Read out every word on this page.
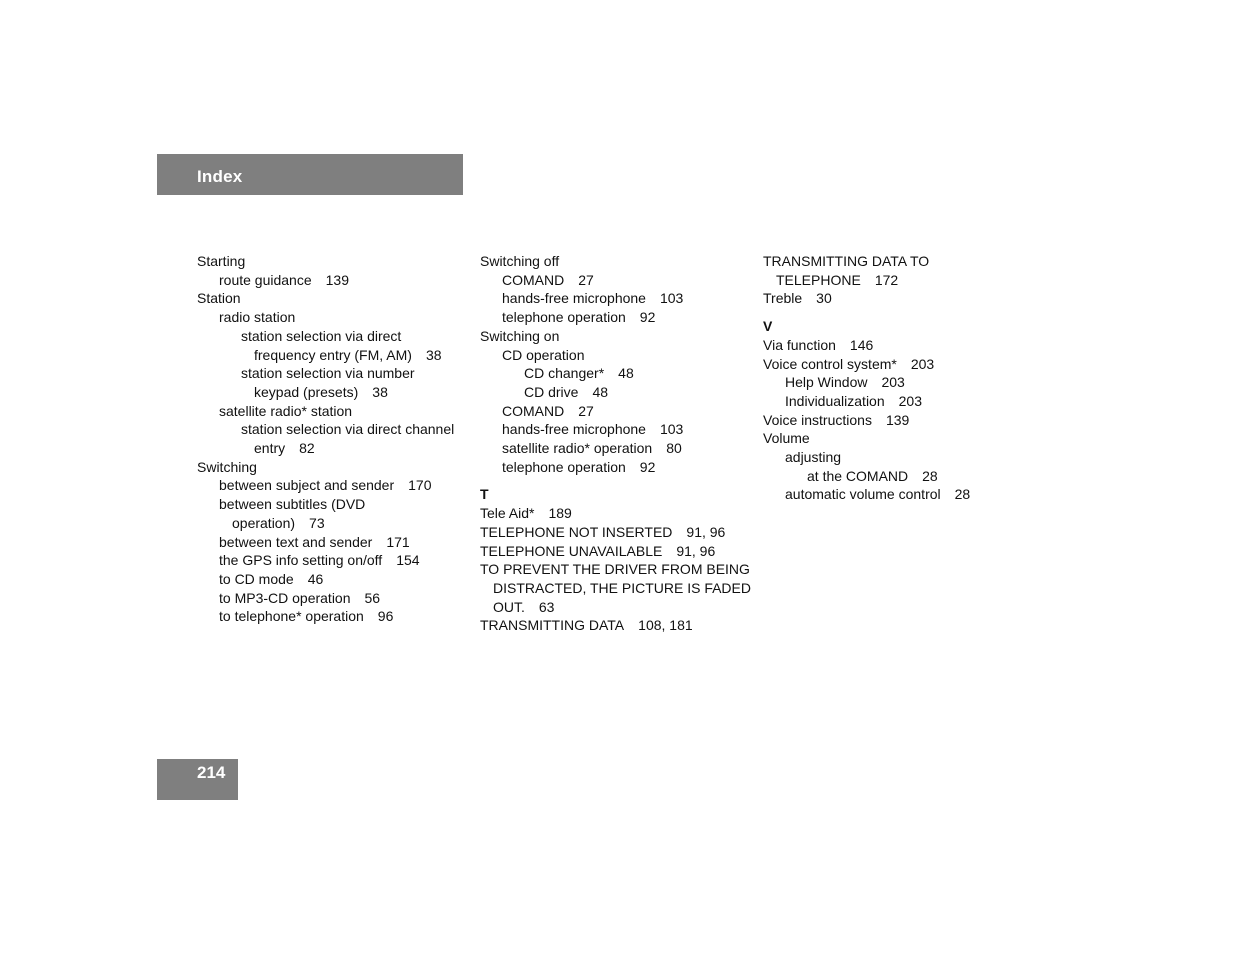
Index
Starting
route guidance 139
Station
radio station
station selection via direct
frequency entry (FM, AM) 38
station selection via number
keypad (presets) 38
satellite radio* station
station selection via direct channel
entry 82
Switching
between subject and sender 170
between subtitles (DVD
operation) 73
between text and sender 171
the GPS info setting on/off 154
to CD mode 46
to MP3-CD operation 56
to telephone* operation 96
Switching off
COMAND 27
hands-free microphone 103
telephone operation 92
Switching on
CD operation
CD changer* 48
CD drive 48
COMAND 27
hands-free microphone 103
satellite radio* operation 80
telephone operation 92
T
Tele Aid* 189
TELEPHONE NOT INSERTED 91, 96
TELEPHONE UNAVAILABLE 91, 96
TO PREVENT THE DRIVER FROM BEING
DISTRACTED, THE PICTURE IS FADED
OUT. 63
TRANSMITTING DATA 108, 181
TRANSMITTING DATA TO
TELEPHONE 172
Treble 30
V
Via function 146
Voice control system* 203
Help Window 203
Individualization 203
Voice instructions 139
Volume
adjusting
at the COMAND 28
automatic volume control 28
214
